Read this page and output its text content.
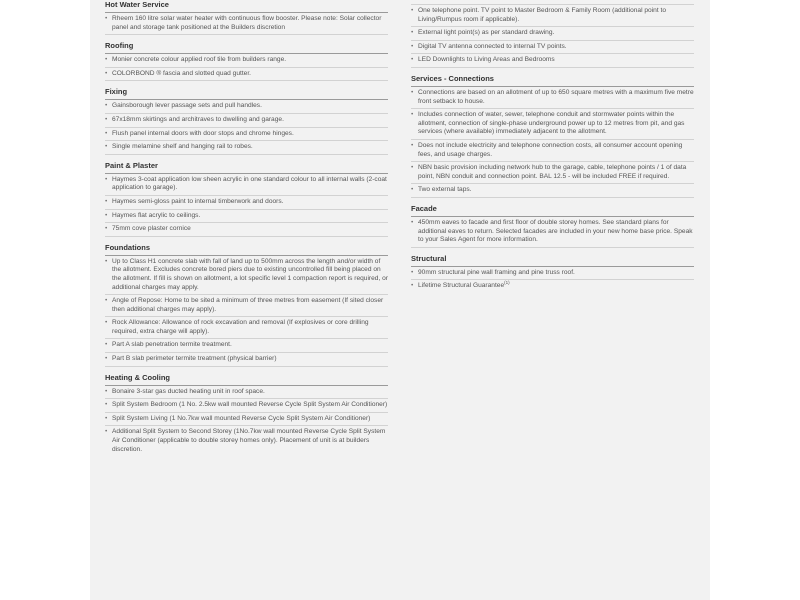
Hot Water Service
• Rheem 160 litre solar water heater with continuous flow booster. Please note: Solar collector panel and storage tank positioned at the Builders discretion
Roofing
• Monier concrete colour applied roof tile from builders range.
• COLORBOND ® fascia and slotted quad gutter.
Fixing
• Gainsborough lever passage sets and pull handles.
• 67x18mm skirtings and architraves to dwelling and garage.
• Flush panel internal doors with door stops and chrome hinges.
• Single melamine shelf and hanging rail to robes.
Paint & Plaster
• Haymes 3-coat application low sheen acrylic in one standard colour to all internal walls (2-coat application to garage).
• Haymes semi-gloss paint to internal timberwork and doors.
• Haymes flat acrylic to ceilings.
• 75mm cove plaster cornice
Foundations
• Up to Class H1 concrete slab with fall of land up to 500mm across the length and/or width of the allotment. Excludes concrete bored piers due to existing uncontrolled fill being placed on the allotment. If fill is shown on allotment, a lot specific level 1 compaction report is required, or additional charges may apply.
• Angle of Repose: Home to be sited a minimum of three metres from easement (If sited closer then additional charges may apply).
• Rock Allowance: Allowance of rock excavation and removal (If explosives or core drilling required, extra charge will apply).
• Part A slab penetration termite treatment.
• Part B slab perimeter termite treatment (physical barrier)
Heating & Cooling
• Bonaire 3-star gas ducted heating unit in roof space.
• Split System Bedroom (1 No. 2.5kw wall mounted Reverse Cycle Split System Air Conditioner)
• Split System Living (1 No.7kw wall mounted Reverse Cycle Split System Air Conditioner)
• Additional Split System to Second Storey (1No.7kw wall mounted Reverse Cycle Split System Air Conditioner (applicable to double storey homes only). Placement of unit is at builders discretion.
• One telephone point. TV point to Master Bedroom & Family Room (additional point to Living/Rumpus room if applicable).
• External light point(s) as per standard drawing.
• Digital TV antenna connected to internal TV points.
• LED Downlights to Living Areas and Bedrooms
Services - Connections
• Connections are based on an allotment of up to 650 square metres with a maximum five metre front setback to house.
• Includes connection of water, sewer, telephone conduit and stormwater points within the allotment, connection of single-phase underground power up to 12 metres from pit, and gas services (where available) immediately adjacent to the allotment.
• Does not include electricity and telephone connection costs, all consumer account opening fees, and usage charges.
• NBN basic provision including network hub to the garage, cable, telephone points / 1 of data point, NBN conduit and connection point. BAL 12.5 - will be included FREE if required.
• Two external taps.
Facade
• 450mm eaves to facade and first floor of double storey homes. See standard plans for additional eaves to return. Selected facades are included in your new home base price. Speak to your Sales Agent for more information.
Structural
• 90mm structural pine wall framing and pine truss roof.
• Lifetime Structural Guarantee$^{(1)}$
